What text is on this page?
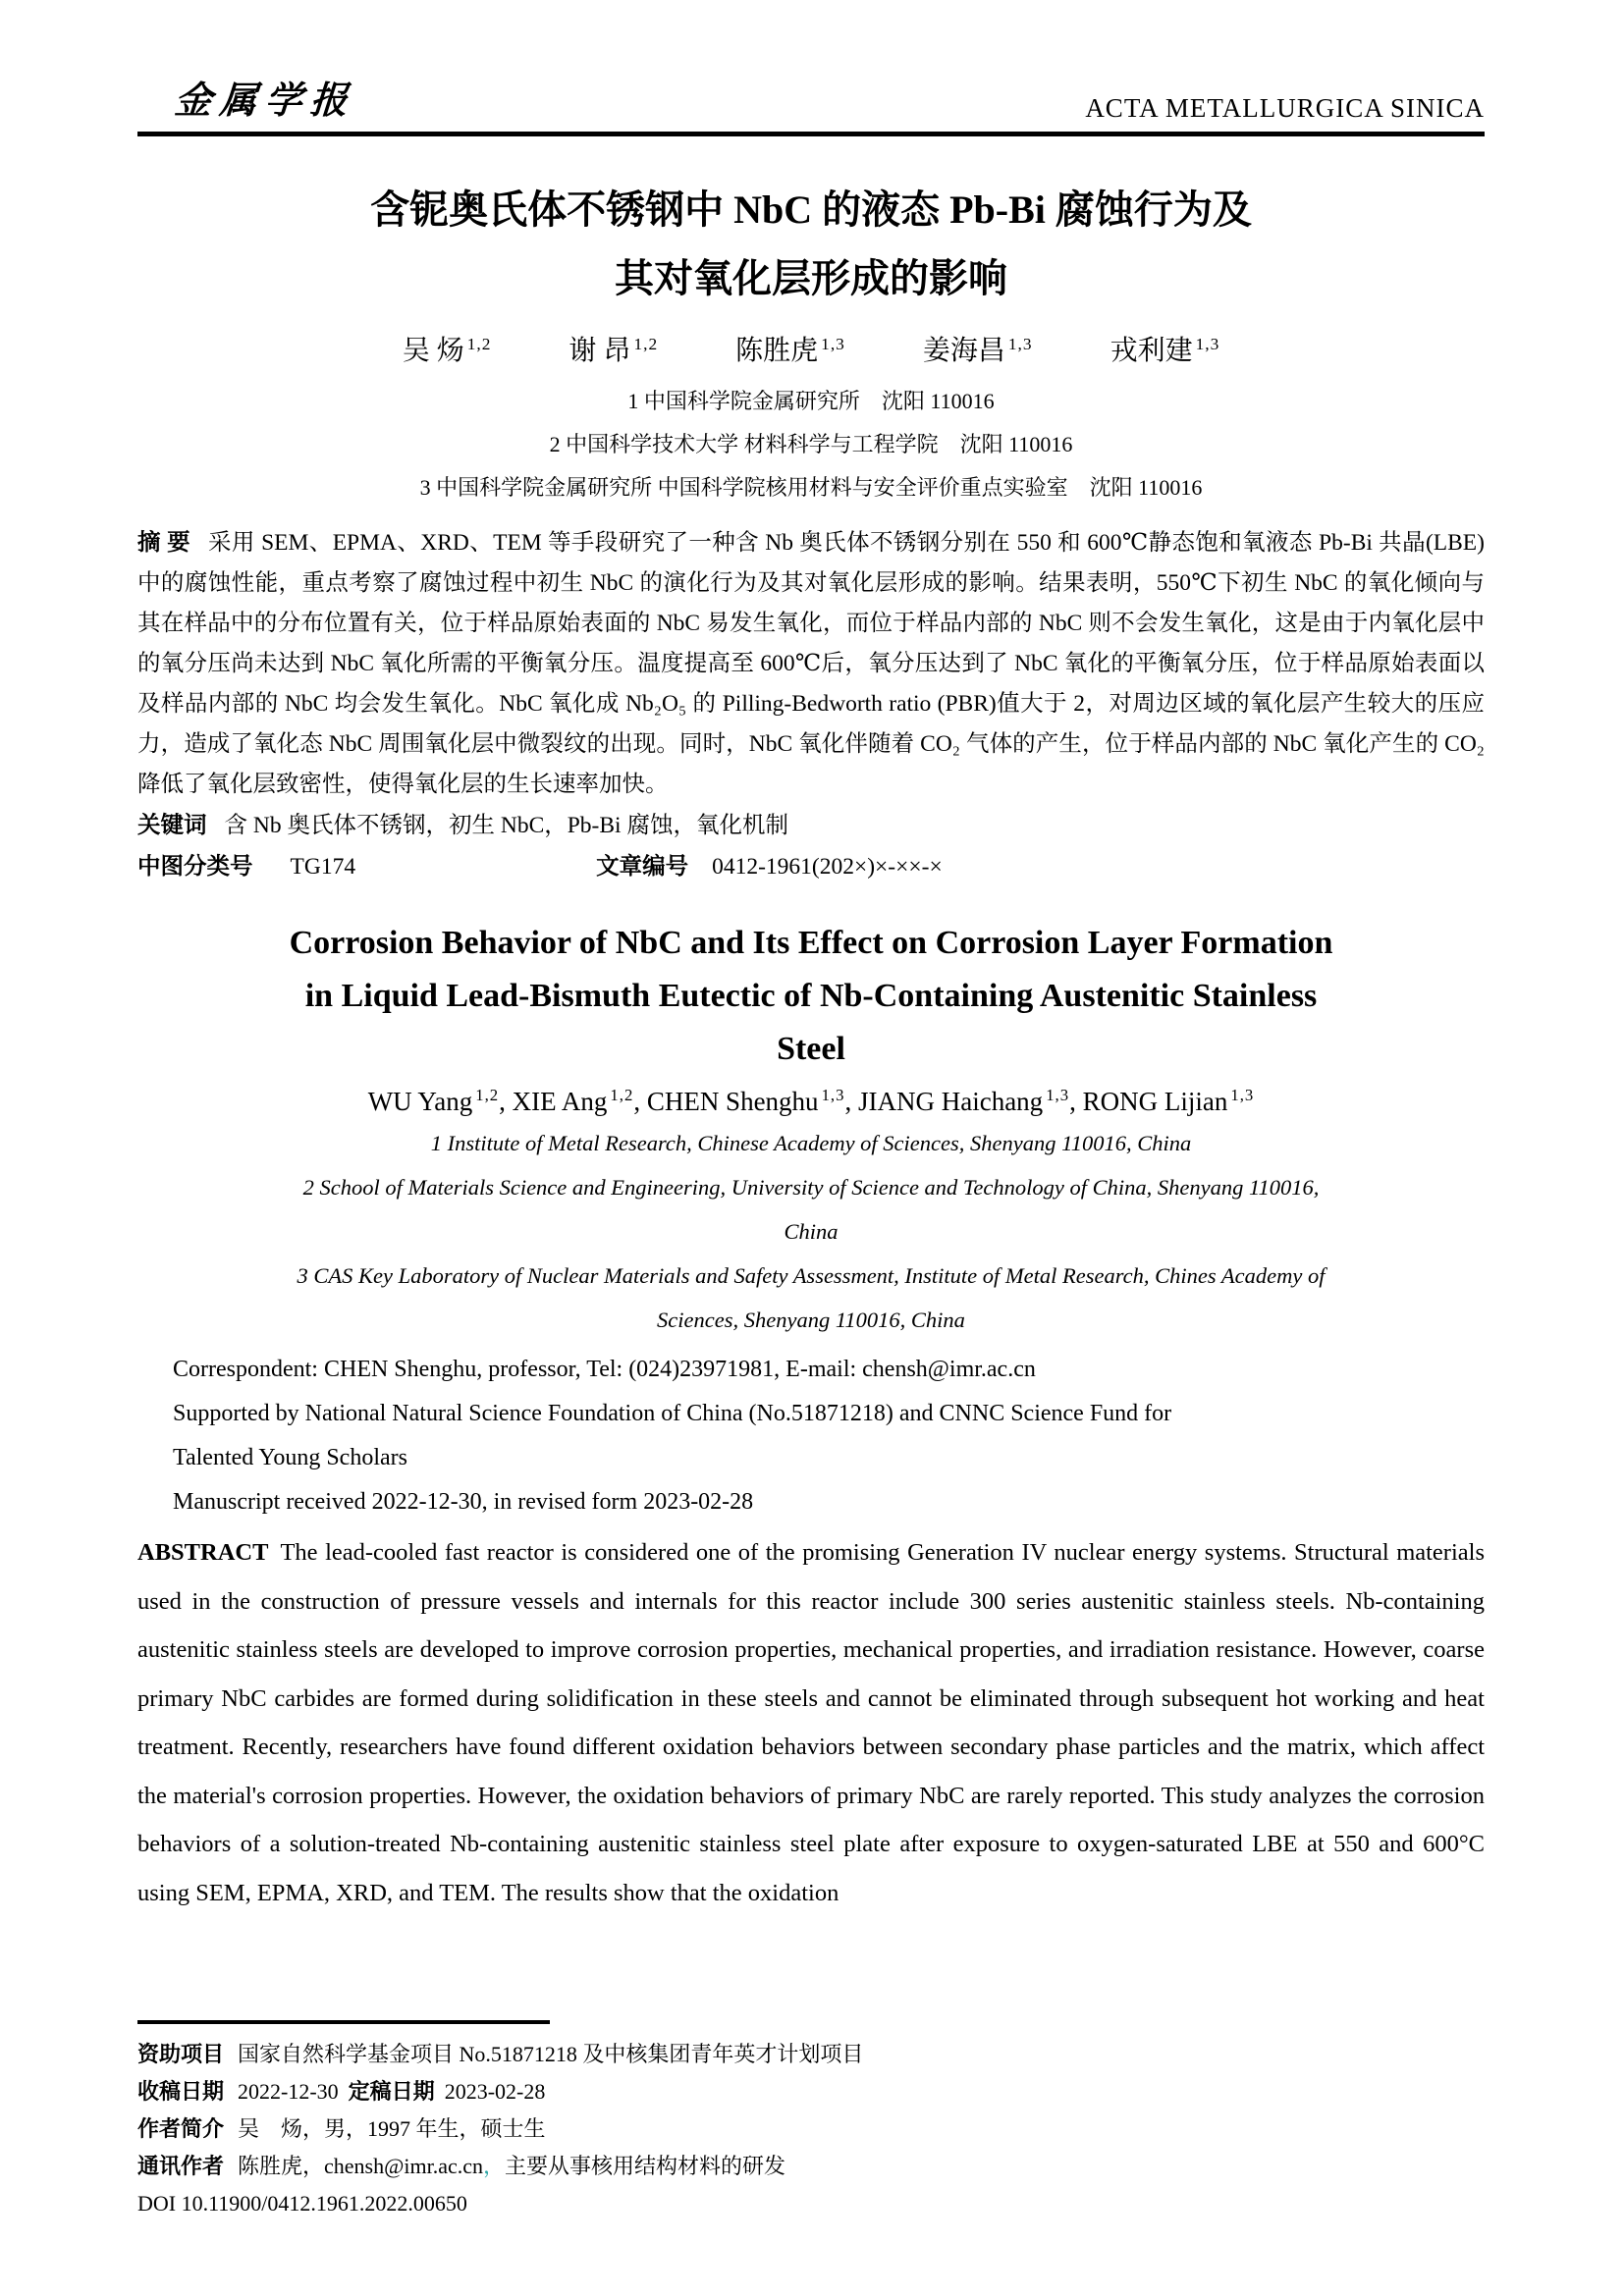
金属学报	ACTA METALLURGICA SINICA
含铌奥氏体不锈钢中 NbC 的液态 Pb-Bi 腐蚀行为及
其对氧化层形成的影响
吴 炀 $^{1,2}$	谢 昂 $^{1,2}$	陈胜虎 $^{1,3}$	姜海昌 $^{1,3}$	戎利建 $^{1,3}$
1 中国科学院金属研究所　沈阳 110016
2 中国科学技术大学 材料科学与工程学院　沈阳 110016
3 中国科学院金属研究所 中国科学院核用材料与安全评价重点实验室　沈阳 110016

摘 要 采用 SEM、EPMA、XRD、TEM 等手段研究了一种含 Nb 奥氏体不锈钢分别在 550 和 600℃静态饱和氧液态 Pb-Bi 共晶(LBE)中的腐蚀性能，重点考察了腐蚀过程中初生 NbC 的演化行为及其对氧化层形成的影响。结果表明，550℃下初生 NbC 的氧化倾向与其在样品中的分布位置有关，位于样品原始表面的 NbC 易发生氧化，而位于样品内部的 NbC 则不会发生氧化，这是由于内氧化层中的氧分压尚未达到 NbC 氧化所需的平衡氧分压。温度提高至 600℃后，氧分压达到了 NbC 氧化的平衡氧分压，位于样品原始表面以及样品内部的 NbC 均会发生氧化。NbC 氧化成 Nb₂O₅ 的 Pilling-Bedworth ratio (PBR)值大于 2，对周边区域的氧化层产生较大的压应力，造成了氧化态 NbC 周围氧化层中微裂纹的出现。同时，NbC 氧化伴随着 CO₂ 气体的产生，位于样品内部的 NbC 氧化产生的 CO₂ 降低了氧化层致密性，使得氧化层的生长速率加快。

关键词 含 Nb 奥氏体不锈钢，初生 NbC，Pb-Bi 腐蚀，氧化机制

中图分类号 TG174	文章编号 0412-1961(202×)×-××-×
Corrosion Behavior of NbC and Its Effect on Corrosion Layer Formation
in Liquid Lead-Bismuth Eutectic of Nb-Containing Austenitic Stainless
Steel
WU Yang $^{1,2}$, XIE Ang $^{1,2}$, CHEN Shenghu $^{1,3}$, JIANG Haichang $^{1,3}$, RONG Lijian $^{1,3}$
1 Institute of Metal Research, Chinese Academy of Sciences, Shenyang 110016, China
2 School of Materials Science and Engineering, University of Science and Technology of China, Shenyang 110016,
China
3 CAS Key Laboratory of Nuclear Materials and Safety Assessment, Institute of Metal Research, Chines Academy of
Sciences, Shenyang 110016, China
Correspondent: CHEN Shenghu, professor, Tel: (024)23971981, E-mail: chensh@imr.ac.cn
Supported by National Natural Science Foundation of China (No.51871218) and CNNC Science Fund for
Talented Young Scholars
Manuscript received 2022-12-30, in revised form 2023-02-28

ABSTRACT The lead-cooled fast reactor is considered one of the promising Generation IV nuclear energy systems. Structural materials used in the construction of pressure vessels and internals for this reactor include 300 series austenitic stainless steels. Nb-containing austenitic stainless steels are developed to improve corrosion properties, mechanical properties, and irradiation resistance. However, coarse primary NbC carbides are formed during solidification in these steels and cannot be eliminated through subsequent hot working and heat treatment. Recently, researchers have found different oxidation behaviors between secondary phase particles and the matrix, which affect the material's corrosion properties. However, the oxidation behaviors of primary NbC are rarely reported. This study analyzes the corrosion behaviors of a solution-treated Nb-containing austenitic stainless steel plate after exposure to oxygen-saturated LBE at 550 and 600°C using SEM, EPMA, XRD, and TEM. The results show that the oxidation

资助项目 国家自然科学基金项目 No.51871218 及中核集团青年英才计划项目
收稿日期 2022-12-30 定稿日期 2023-02-28
作者简介 吴　炀，男，1997 年生，硕士生
通讯作者 陈胜虎，chensh@imr.ac.cn，主要从事核用结构材料的研发
DOI 10.11900/0412.1961.2022.00650
